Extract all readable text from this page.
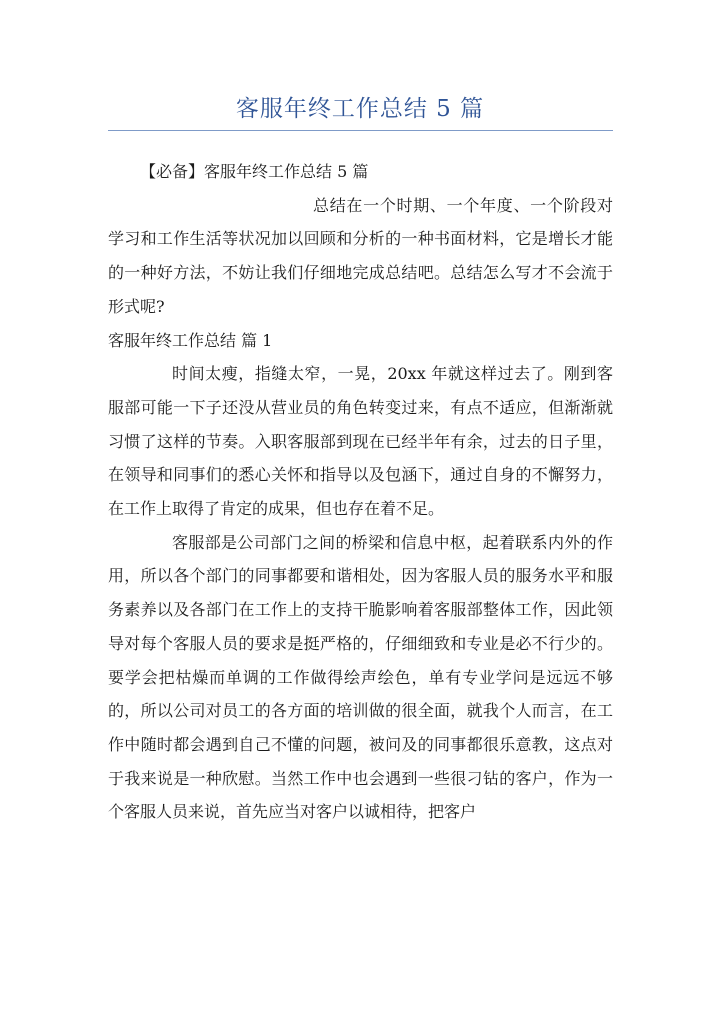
客服年终工作总结 5 篇

【必备】客服年终工作总结 5 篇

总结在一个时期、一个年度、一个阶段对学习和工作生活等状况加以回顾和分析的一种书面材料，它是增长才能的一种好方法，不妨让我们仔细地完成总结吧。总结怎么写才不会流于形式呢?

客服年终工作总结 篇 1

时间太瘦，指缝太窄，一晃，20xx 年就这样过去了。刚到客服部可能一下子还没从营业员的角色转变过来，有点不适应，但渐渐就习惯了这样的节奏。入职客服部到现在已经半年有余，过去的日子里，在领导和同事们的悉心关怀和指导以及包涵下，通过自身的不懈努力，在工作上取得了肯定的成果，但也存在着不足。

客服部是公司部门之间的桥梁和信息中枢，起着联系内外的作用，所以各个部门的同事都要和谐相处，因为客服人员的服务水平和服务素养以及各部门在工作上的支持干脆影响着客服部整体工作，因此领导对每个客服人员的要求是挺严格的，仔细细致和专业是必不行少的。要学会把枯燥而单调的工作做得绘声绘色，单有专业学问是远远不够的，所以公司对员工的各方面的培训做的很全面，就我个人而言，在工作中随时都会遇到自己不懂的问题，被问及的同事都很乐意教，这点对于我来说是一种欣慰。当然工作中也会遇到一些很刁钻的客户，作为一个客服人员来说，首先应当对客户以诚相待，把客户
